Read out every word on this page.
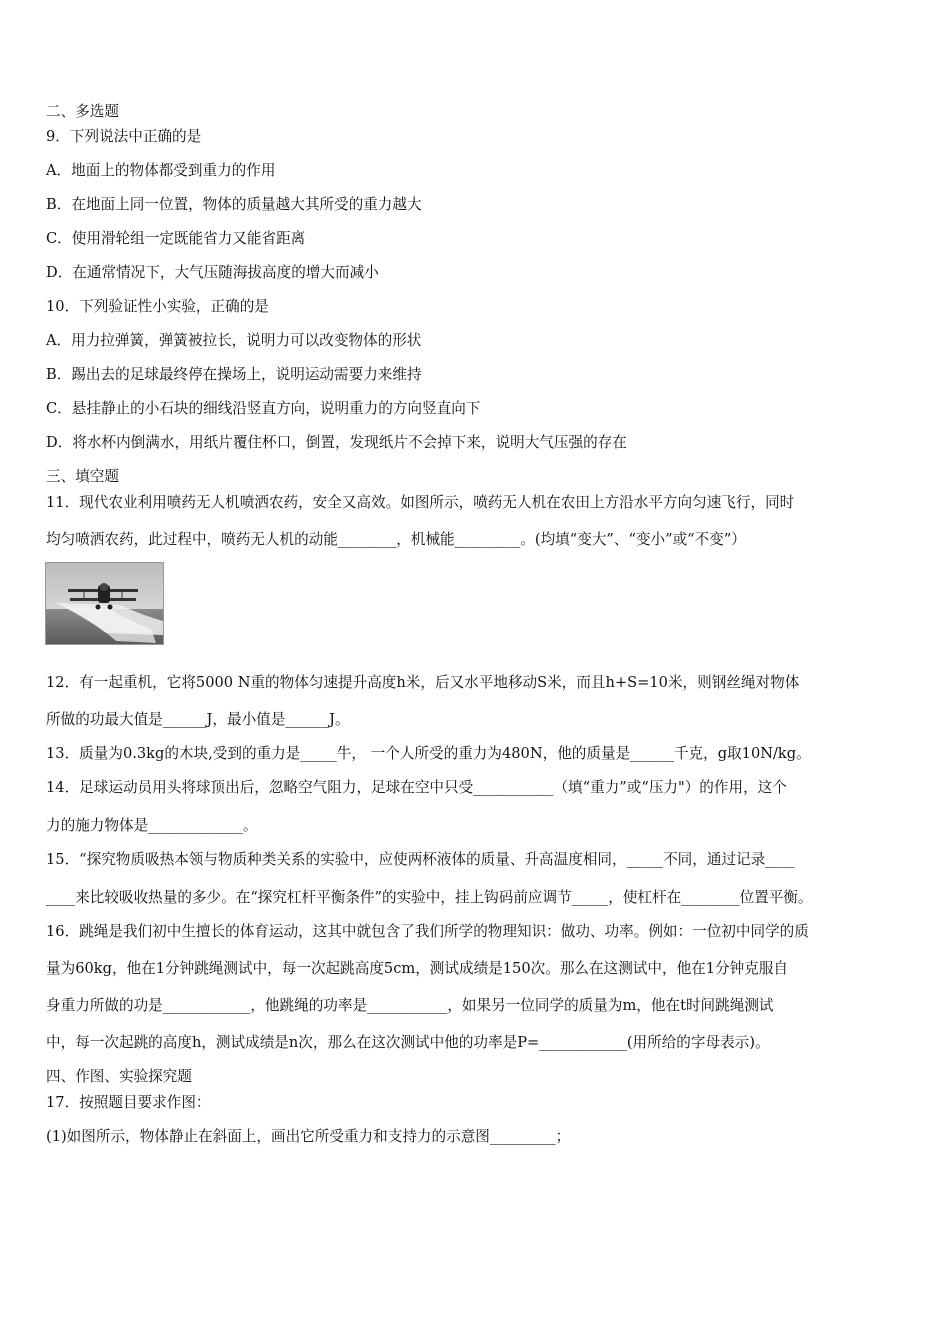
二、多选题
9．下列说法中正确的是
A．地面上的物体都受到重力的作用
B．在地面上同一位置，物体的质量越大其所受的重力越大
C．使用滑轮组一定既能省力又能省距离
D．在通常情况下，大气压随海拔高度的增大而减小
10．下列验证性小实验，正确的是
A．用力拉弹簧，弹簧被拉长，说明力可以改变物体的形状
B．踢出去的足球最终停在操场上，说明运动需要力来维持
C．悬挂静止的小石块的细线沿竖直方向，说明重力的方向竖直向下
D．将水杯内倒满水，用纸片覆住杯口，倒置，发现纸片不会掉下来，说明大气压强的存在
三、填空题
11．现代农业利用喷药无人机喷洒农药，安全又高效。如图所示，喷药无人机在农田上方沿水平方向匀速飞行，同时
均匀喷洒农药，此过程中，喷药无人机的动能________，机械能_________。(均填“变大”、“变小”或“不变”）
12．有一起重机，它将5000 N重的物体匀速提升高度h米，后又水平地移动S米，而且h+S=10米，则钢丝绳对物体
所做的功最大值是______J，最小值是______J。
13．质量为0.3kg的木块,受到的重力是_____牛， 一个人所受的重力为480N，他的质量是______千克，g取10N/kg。
14．足球运动员用头将球顶出后，忽略空气阻力，足球在空中只受___________（填“重力”或“压力"）的作用，这个
力的施力物体是_____________。
15．“探究物质吸热本领与物质种类关系的实验中，应使两杯液体的质量、升高温度相同，_____不同，通过记录____
____来比较吸收热量的多少。在“探究杠杆平衡条件”的实验中，挂上钩码前应调节_____，使杠杆在________位置平衡。
16．跳绳是我们初中生擅长的体育运动，这其中就包含了我们所学的物理知识：做功、功率。例如：一位初中同学的质
量为60kg，他在1分钟跳绳测试中，每一次起跳高度5cm，测试成绩是150次。那么在这测试中，他在1分钟克服自
身重力所做的功是____________，他跳绳的功率是___________，如果另一位同学的质量为m，他在t时间跳绳测试
中，每一次起跳的高度h，测试成绩是n次，那么在这次测试中他的功率是P=____________(用所给的字母表示)。
四、作图、实验探究题
17．按照题目要求作图：
(1)如图所示，物体静止在斜面上，画出它所受重力和支持力的示意图_________；
